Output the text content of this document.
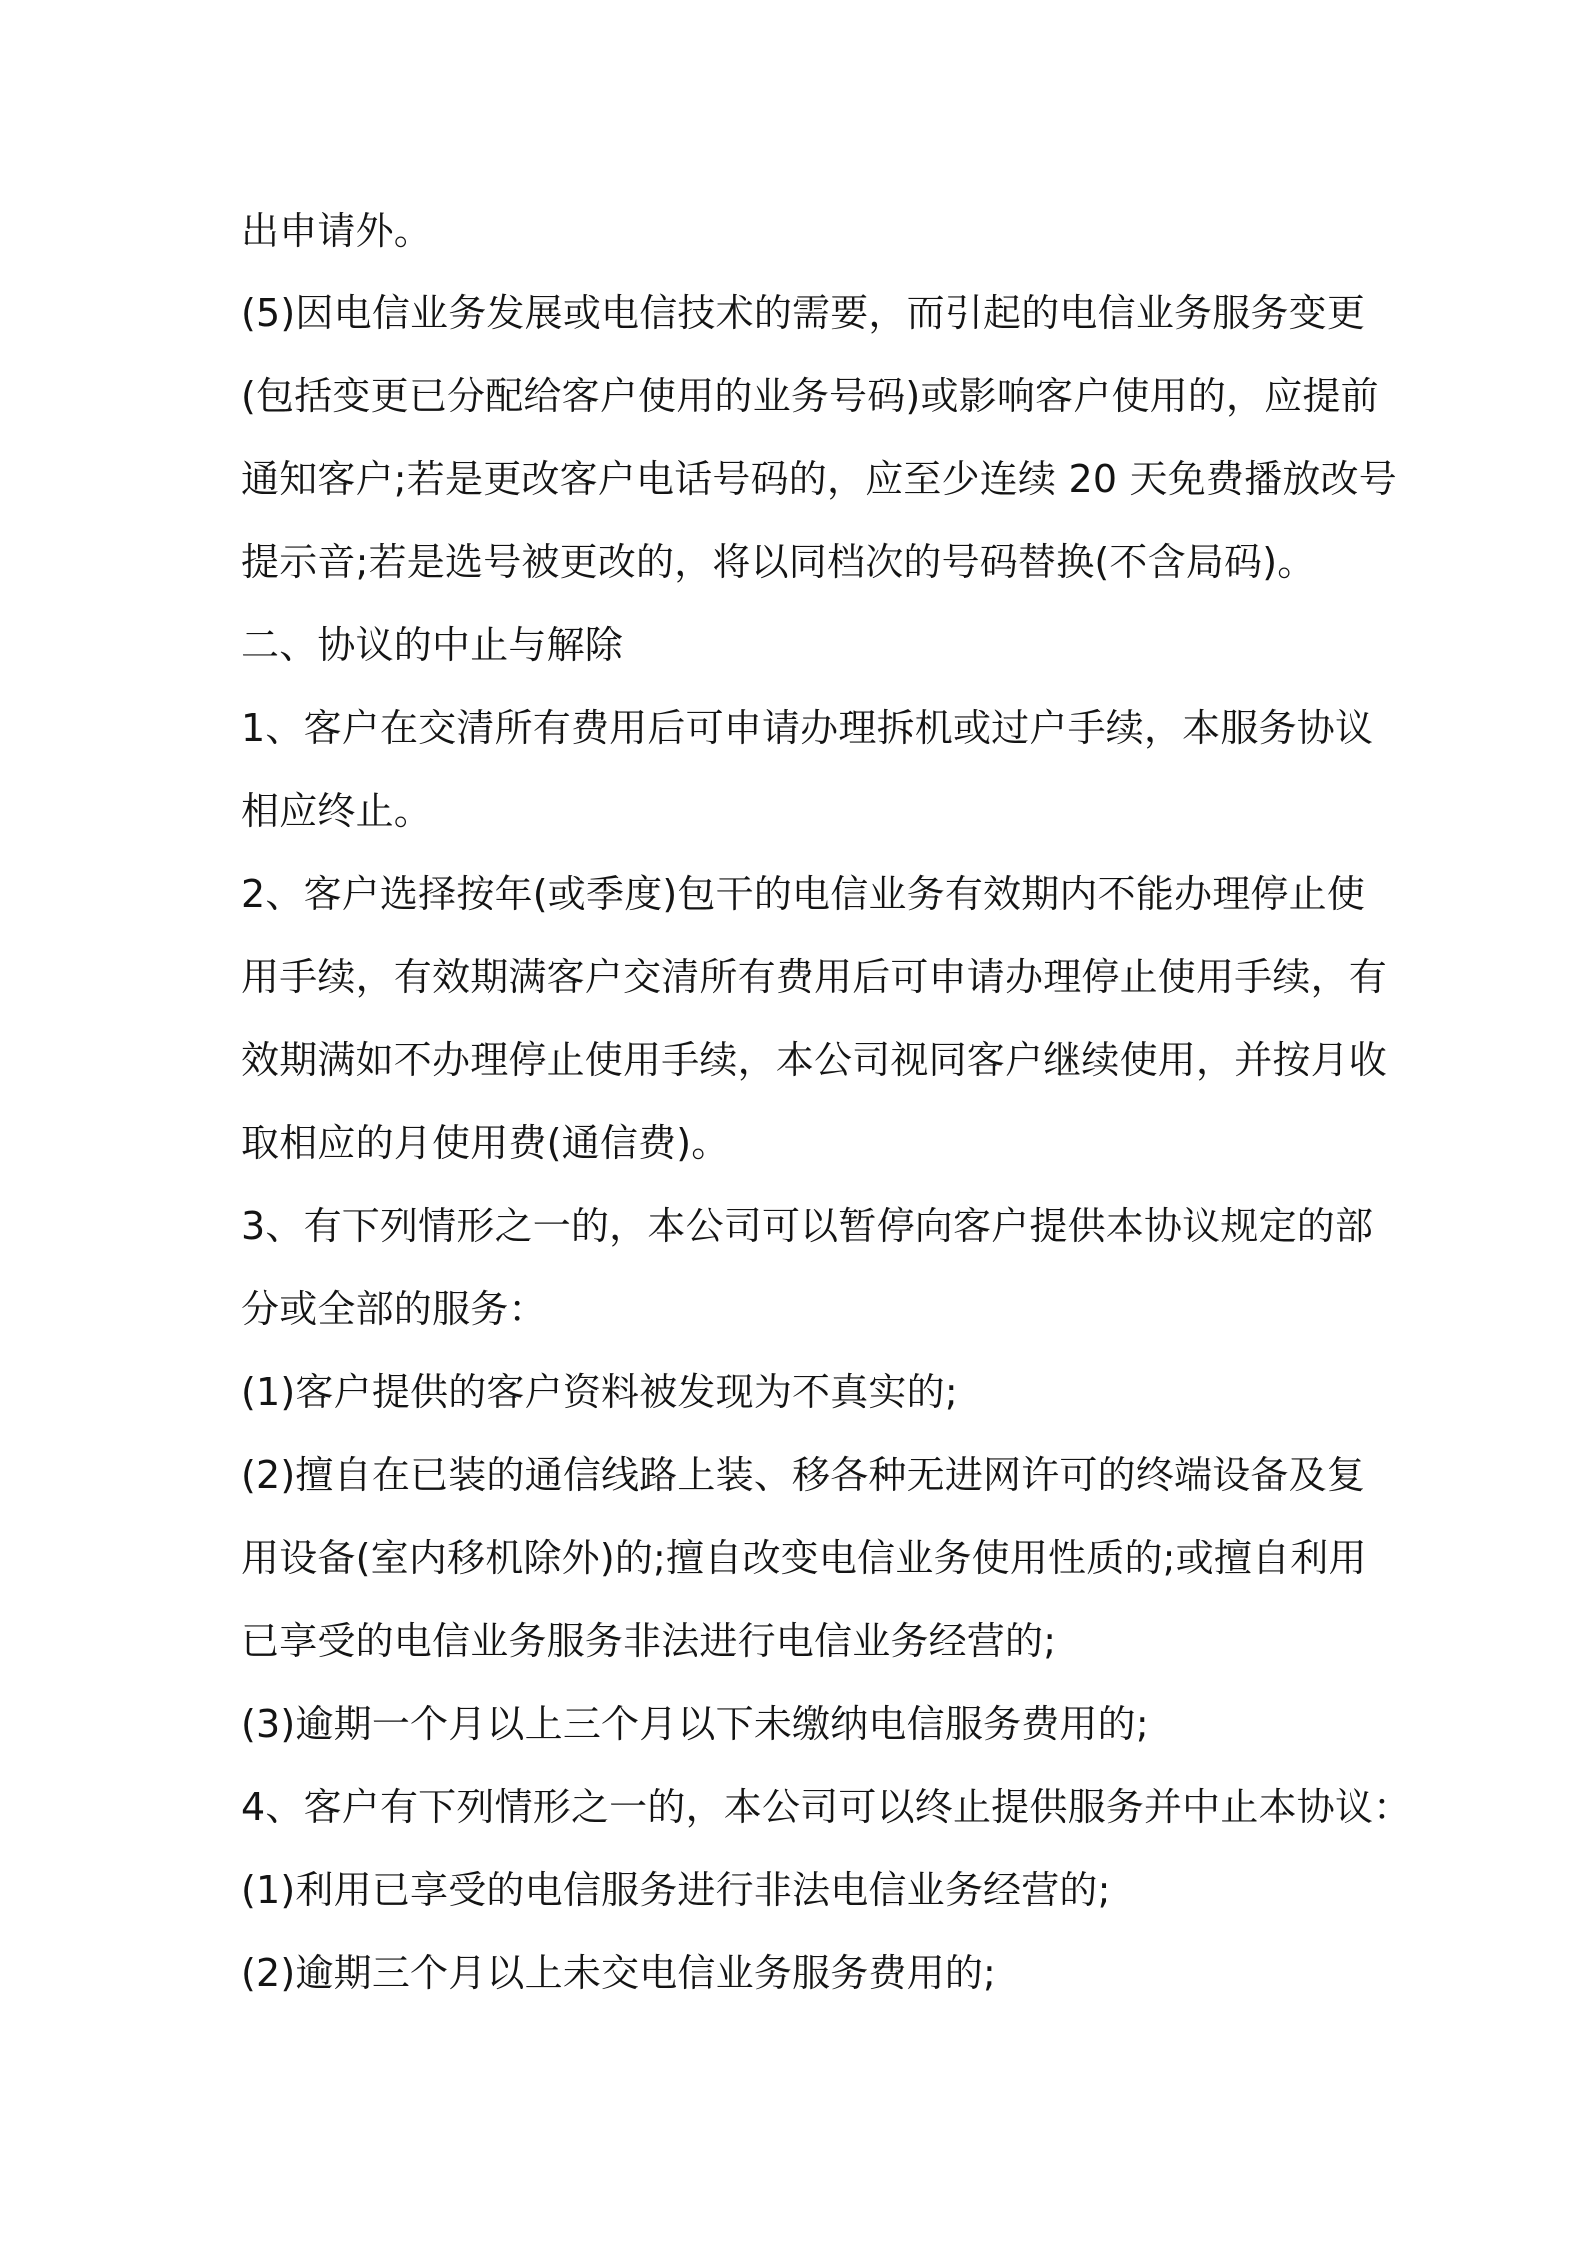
出申请外。

(5)因电信业务发展或电信技术的需要，而引起的电信业务服务变更

(包括变更已分配给客户使用的业务号码)或影响客户使用的，应提前

通知客户;若是更改客户电话号码的，应至少连续 20 天免费播放改号

提示音;若是选号被更改的，将以同档次的号码替换(不含局码)。

二、协议的中止与解除

1、客户在交清所有费用后可申请办理拆机或过户手续，本服务协议

相应终止。

2、客户选择按年(或季度)包干的电信业务有效期内不能办理停止使

用手续，有效期满客户交清所有费用后可申请办理停止使用手续，有

效期满如不办理停止使用手续，本公司视同客户继续使用，并按月收

取相应的月使用费(通信费)。

3、有下列情形之一的，本公司可以暂停向客户提供本协议规定的部

分或全部的服务：

(1)客户提供的客户资料被发现为不真实的;

(2)擅自在已装的通信线路上装、移各种无进网许可的终端设备及复

用设备(室内移机除外)的;擅自改变电信业务使用性质的;或擅自利用

已享受的电信业务服务非法进行电信业务经营的;

(3)逾期一个月以上三个月以下未缴纳电信服务费用的;

4、客户有下列情形之一的，本公司可以终止提供服务并中止本协议：

(1)利用已享受的电信服务进行非法电信业务经营的;

(2)逾期三个月以上未交电信业务服务费用的;
